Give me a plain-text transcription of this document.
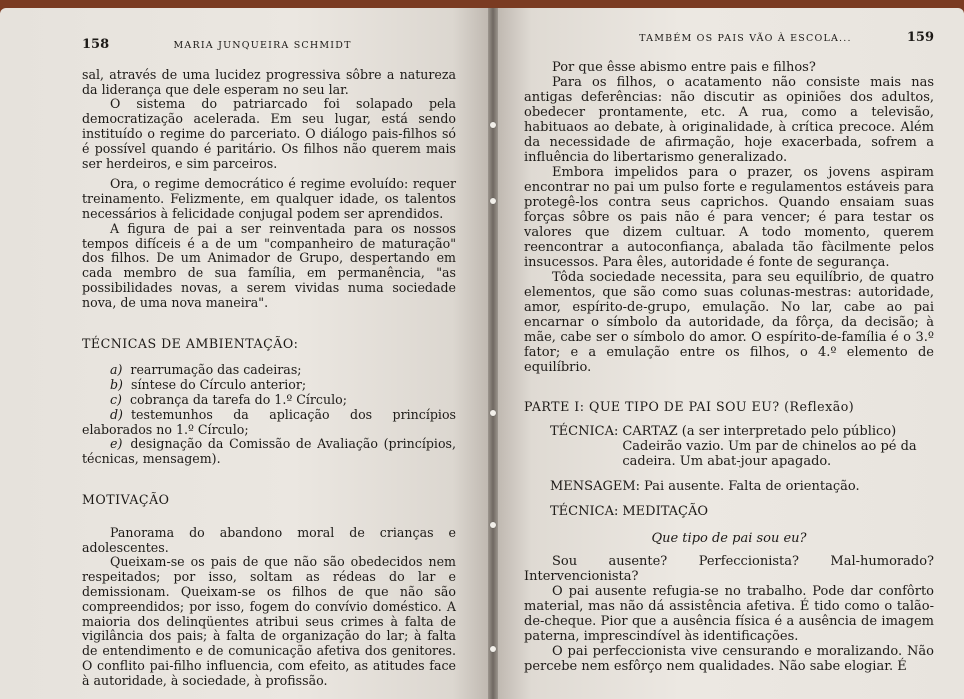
158	MARIA JUNQUEIRA SCHMIDT

sal, através de uma lucidez progressiva sôbre a natureza da liderança que dele esperam no seu lar.

O sistema do patriarcado foi solapado pela democratização acelerada. Em seu lugar, está sendo instituído o regime do parceriato. O diálogo pais-filhos só é possível quando é paritário. Os filhos não querem mais ser herdeiros, e sim parceiros.

Ora, o regime democrático é regime evoluído: requer treinamento. Felizmente, em qualquer idade, os talentos necessários à felicidade conjugal podem ser aprendidos.

A figura de pai a ser reinventada para os nossos tempos difíceis é a de um "companheiro de maturação" dos filhos. De um Animador de Grupo, despertando em cada membro de sua família, em permanência, "as possibilidades novas, a serem vividas numa sociedade nova, de uma nova maneira".

TÉCNICAS DE AMBIENTAÇÃO:
a) rearrumação das cadeiras;
b) síntese do Círculo anterior;
c) cobrança da tarefa do 1.º Círculo;
d) testemunhos da aplicação dos princípios elaborados no 1.º Círculo;
e) designação da Comissão de Avaliação (princípios, técnicas, mensagem).
MOTIVAÇÃO

Panorama do abandono moral de crianças e adolescentes.

Queixam-se os pais de que não são obedecidos nem respeitados; por isso, soltam as rédeas do lar e demissionam. Queixam-se os filhos de que não são compreendidos; por isso, fogem do convívio doméstico. A maioria dos delinqüentes atribui seus crimes à falta de vigilância dos pais; à falta de organização do lar; à falta de entendimento e de comunicação afetiva dos genitores. O conflito pai-filho influencia, com efeito, as atitudes face à autoridade, à sociedade, à profissão.

TAMBÉM OS PAIS VÃO À ESCOLA...	159

Por que êsse abismo entre pais e filhos?

Para os filhos, o acatamento não consiste mais nas antigas deferências: não discutir as opiniões dos adultos, obedecer prontamente, etc. A rua, como a televisão, habituaos ao debate, à originalidade, à crítica precoce. Além da necessidade de afirmação, hoje exacerbada, sofrem a influência do libertarismo generalizado.

Embora impelidos para o prazer, os jovens aspiram encontrar no pai um pulso forte e regulamentos estáveis para protegê-los contra seus caprichos. Quando ensaiam suas forças sôbre os pais não é para vencer; é para testar os valores que dizem cultuar. A todo momento, querem reencontrar a autoconfiança, abalada tão fàcilmente pelos insucessos. Para êles, autoridade é fonte de segurança.

Tôda sociedade necessita, para seu equilíbrio, de quatro elementos, que são como suas colunas-mestras: autoridade, amor, espírito-de-grupo, emulação. No lar, cabe ao pai encarnar o símbolo da autoridade, da fôrça, da decisão; à mãe, cabe ser o símbolo do amor. O espírito-de-família é o 3.º fator; e a emulação entre os filhos, o 4.º elemento de equilíbrio.

PARTE I: QUE TIPO DE PAI SOU EU? (Reflexão)
TÉCNICA: CARTAZ (a ser interpretado pelo público) Cadeirão vazio. Um par de chinelos ao pé da cadeira. Um abat-jour apagado.
MENSAGEM: Pai ausente. Falta de orientação.
TÉCNICA: MEDITAÇÃO
Que tipo de pai sou eu?

Sou ausente? Perfeccionista? Mal-humorado? Intervencionista?

O pai ausente refugia-se no trabalho. Pode dar confôrto material, mas não dá assistência afetiva. É tido como o talão-de-cheque. Pior que a ausência física é a ausência de imagem paterna, imprescindível às identificações.

O pai perfeccionista vive censurando e moralizando. Não percebe nem esfôrço nem qualidades. Não sabe elogiar. É
